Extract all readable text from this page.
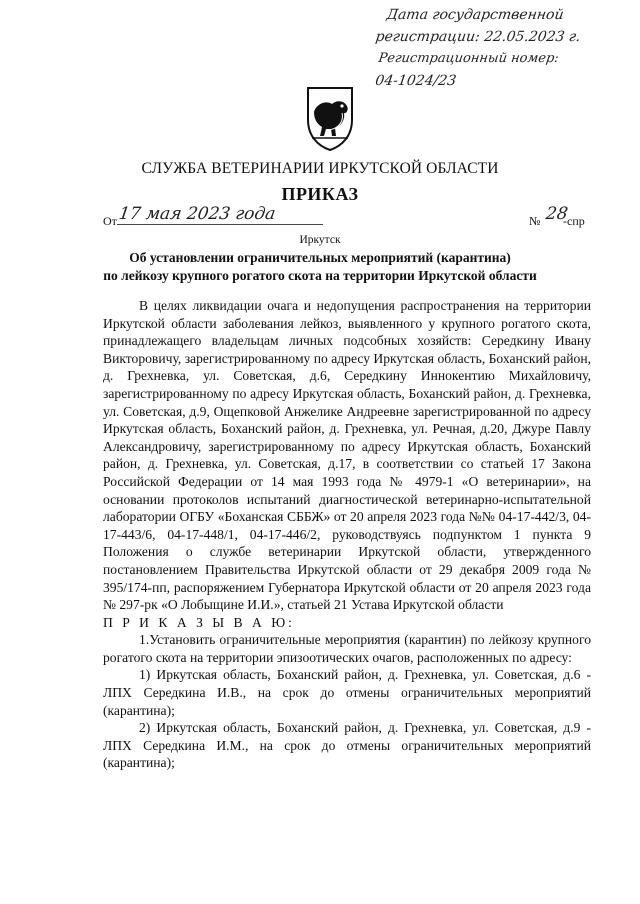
Дата государственной
регистрации: 22.05.2023 г.
Регистрационный номер:
04-1024/23
СЛУЖБА ВЕТЕРИНАРИИ ИРКУТСКОЙ ОБЛАСТИ
ПРИКАЗ
От 17 мая 2023 года	№ 28
-спр
Иркутск
Об установлении ограничительных мероприятий (карантина)
по лейкозу крупного рогатого скота на территории Иркутской области

В целях ликвидации очага и недопущения распространения на территории Иркутской области заболевания лейкоз, выявленного у крупного рогатого скота, принадлежащего владельцам личных подсобных хозяйств: Середкину Ивану Викторовичу, зарегистрированному по адресу Иркутская область, Боханский район, д. Грехневка, ул. Советская, д.6, Середкину Иннокентию Михайловичу, зарегистрированному по адресу Иркутская область, Боханский район, д. Грехневка, ул. Советская, д.9, Ощепковой Анжелике Андреевне зарегистрированной по адресу Иркутская область, Боханский район, д. Грехневка, ул. Речная, д.20, Джуре Павлу Александровичу, зарегистрированному по адресу Иркутская область, Боханский район, д. Грехневка, ул. Советская, д.17, в соответствии со статьей 17 Закона Российской Федерации от 14 мая 1993 года № 4979-1 «О ветеринарии», на основании протоколов испытаний диагностической ветеринарно-испытательной лаборатории ОГБУ «Боханская СББЖ» от 20 апреля 2023 года №№ 04-17-442/3, 04-17-443/6, 04-17-448/1, 04-17-446/2, руководствуясь подпунктом 1 пункта 9 Положения о службе ветеринарии Иркутской области, утвержденного постановлением Правительства Иркутской области от 29 декабря 2009 года № 395/174-пп, распоряжением Губернатора Иркутской области от 20 апреля 2023 года № 297-рк «О Лобыщине И.И.», статьей 21 Устава Иркутской области

П Р И К А З Ы В А Ю:

1.Установить ограничительные мероприятия (карантин) по лейкозу крупного рогатого скота на территории эпизоотических очагов, расположенных по адресу:

1) Иркутская область, Боханский район, д. Грехневка, ул. Советская, д.6 - ЛПХ Середкина И.В., на срок до отмены ограничительных мероприятий (карантина);

2) Иркутская область, Боханский район, д. Грехневка, ул. Советская, д.9 - ЛПХ Середкина И.М., на срок до отмены ограничительных мероприятий (карантина);
